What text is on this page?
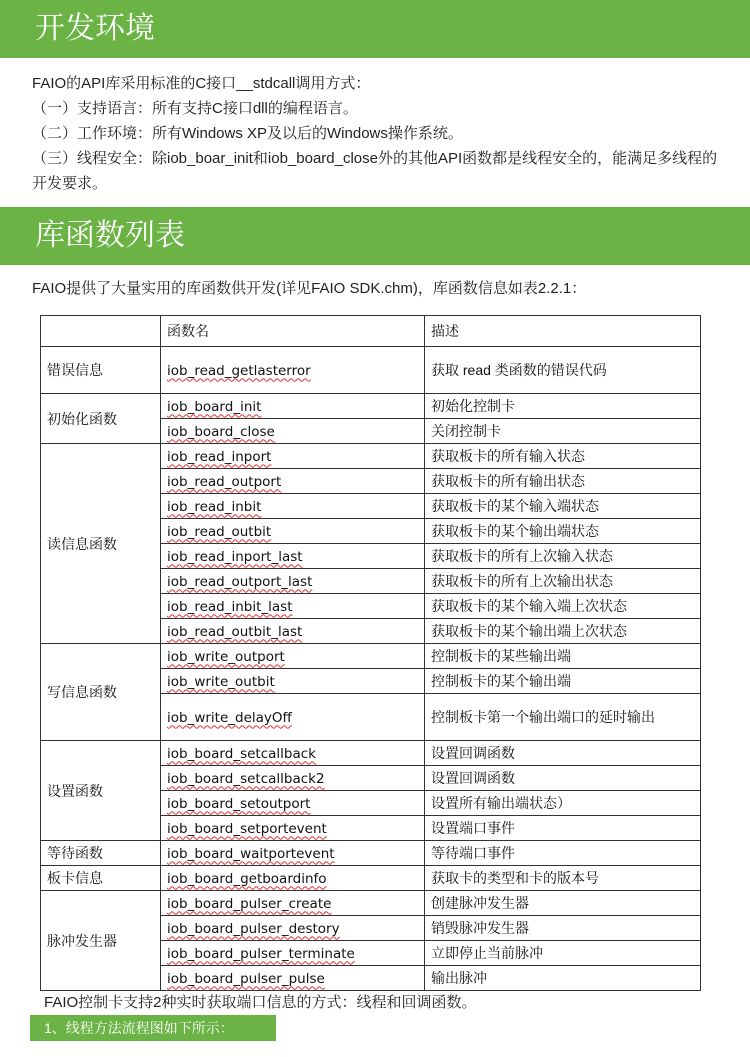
开发环境
FAIO的API库采用标准的C接口__stdcall调用方式：
（一）支持语言：所有支持C接口dll的编程语言。
（二）工作环境：所有Windows XP及以后的Windows操作系统。
（三）线程安全：除iob_boar_init和iob_board_close外的其他API函数都是线程安全的，能满足多线程的开发要求。
库函数列表
FAIO提供了大量实用的库函数供开发(详见FAIO SDK.chm)，库函数信息如表2.2.1：
	函数名	描述
错误信息	iob_read_getlasterror	获取 read 类函数的错误代码
初始化函数	iob_board_init	初始化控制卡
	iob_board_close	关闭控制卡
读信息函数	iob_read_inport	获取板卡的所有输入状态
	iob_read_outport	获取板卡的所有输出状态
	iob_read_inbit	获取板卡的某个输入端状态
	iob_read_outbit	获取板卡的某个输出端状态
	iob_read_inport_last	获取板卡的所有上次输入状态
	iob_read_outport_last	获取板卡的所有上次输出状态
	iob_read_inbit_last	获取板卡的某个输入端上次状态
	iob_read_outbit_last	获取板卡的某个输出端上次状态
写信息函数	iob_write_outport	控制板卡的某些输出端
	iob_write_outbit	控制板卡的某个输出端
	iob_write_delayOff	控制板卡第一个输出端口的延时输出
设置函数	iob_board_setcallback	设置回调函数
	iob_board_setcallback2	设置回调函数
	iob_board_setoutport	设置所有输出端状态）
	iob_board_setportevent	设置端口事件
等待函数	iob_board_waitportevent	等待端口事件
板卡信息	iob_board_getboardinfo	获取卡的类型和卡的版本号
脉冲发生器	iob_board_pulser_create	创建脉冲发生器
	iob_board_pulser_destory	销毁脉冲发生器
	iob_board_pulser_terminate	立即停止当前脉冲
	iob_board_pulser_pulse	输出脉冲
FAIO控制卡支持2种实时获取端口信息的方式：线程和回调函数。
1、线程方法流程图如下所示：
